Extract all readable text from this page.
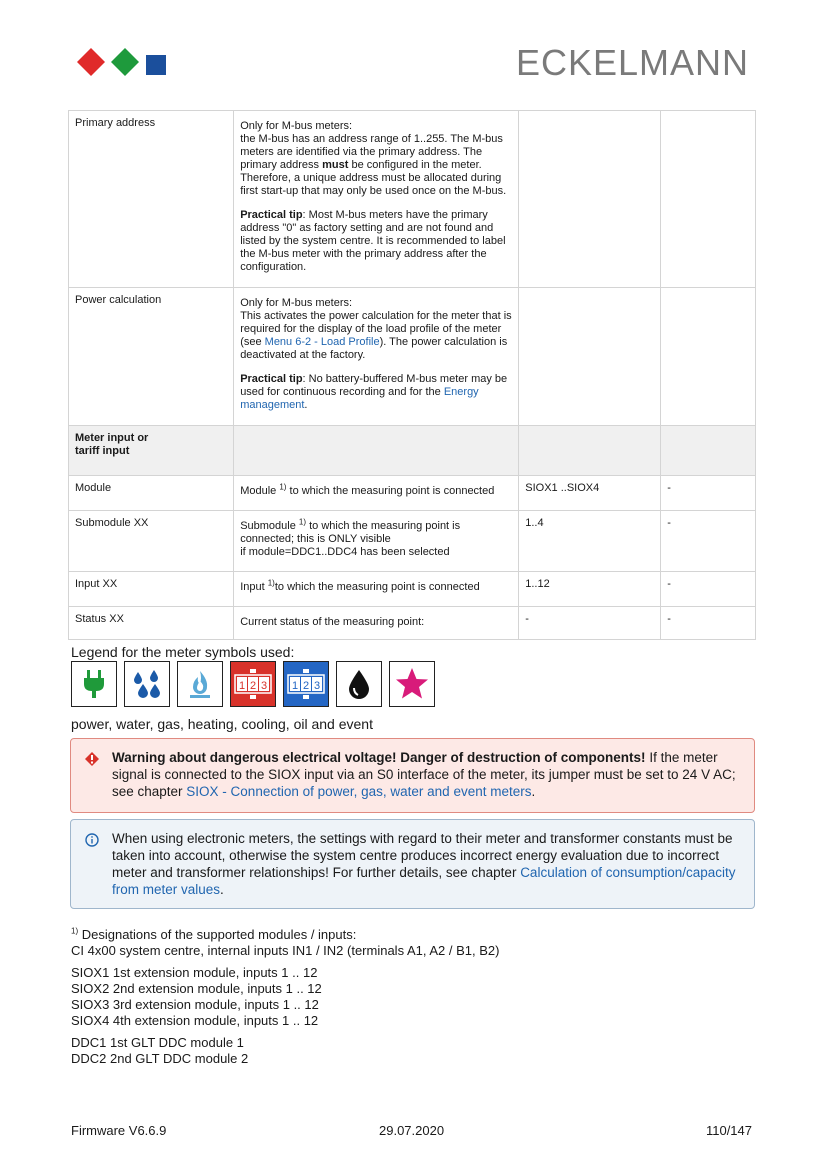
ECKELMANN
Primary address	Only for M-bus meters:
the M-bus has an address range of 1..255. The M-bus meters are identified via the primary address. The primary address must be configured in the meter. Therefore, a unique address must be allocated during first start-up that may only be used once on the M-bus.
Practical tip: Most M-bus meters have the primary address "0" as factory setting and are not found and listed by the system centre. It is recommended to label the M-bus meter with the primary address after the configuration.		

Power calculation	Only for M-bus meters:
This activates the power calculation for the meter that is required for the display of the load profile of the meter (see Menu 6-2 - Load Profile). The power calculation is deactivated at the factory.
Practical tip: No battery-buffered M-bus meter may be used for continuous recording and for the Energy management.		

Meter input or tariff input			

Module	Module $^{1)}$ to which the measuring point is connected	SIOX1 ..SIOX4	-
Submodule XX	Submodule $^{1)}$ to which the measuring point is connected; this is ONLY visible
if module=DDC1..DDC4 has been selected	1..4	-
Input XX	Input $^{1)}$to which the measuring point is connected	1..12	-
Status XX	Current status of the measuring point:	-	-
Legend for the meter symbols used:
1 2 3 1 2 3
power, water, gas, heating, cooling, oil and event
Warning about dangerous electrical voltage! Danger of destruction of components! If the meter signal is connected to the SIOX input via an S0 interface of the meter, its jumper must be set to 24 V AC; see chapter SIOX - Connection of power, gas, water and event meters.
When using electronic meters, the settings with regard to their meter and transformer constants must be taken into account, otherwise the system centre produces incorrect energy evaluation due to incorrect meter and transformer relationships! For further details, see chapter Calculation of consumption/capacity from meter values.
$^{1)}$ Designations of the supported modules / inputs:
CI 4x00 system centre, internal inputs IN1 / IN2 (terminals A1, A2 / B1, B2)
SIOX1 1st extension module, inputs 1 .. 12
SIOX2 2nd extension module, inputs 1 .. 12
SIOX3 3rd extension module, inputs 1 .. 12
SIOX4 4th extension module, inputs 1 .. 12
DDC1 1st GLT DDC module 1
DDC2 2nd GLT DDC module 2
Firmware V6.6.9	29.07.2020	110/147
